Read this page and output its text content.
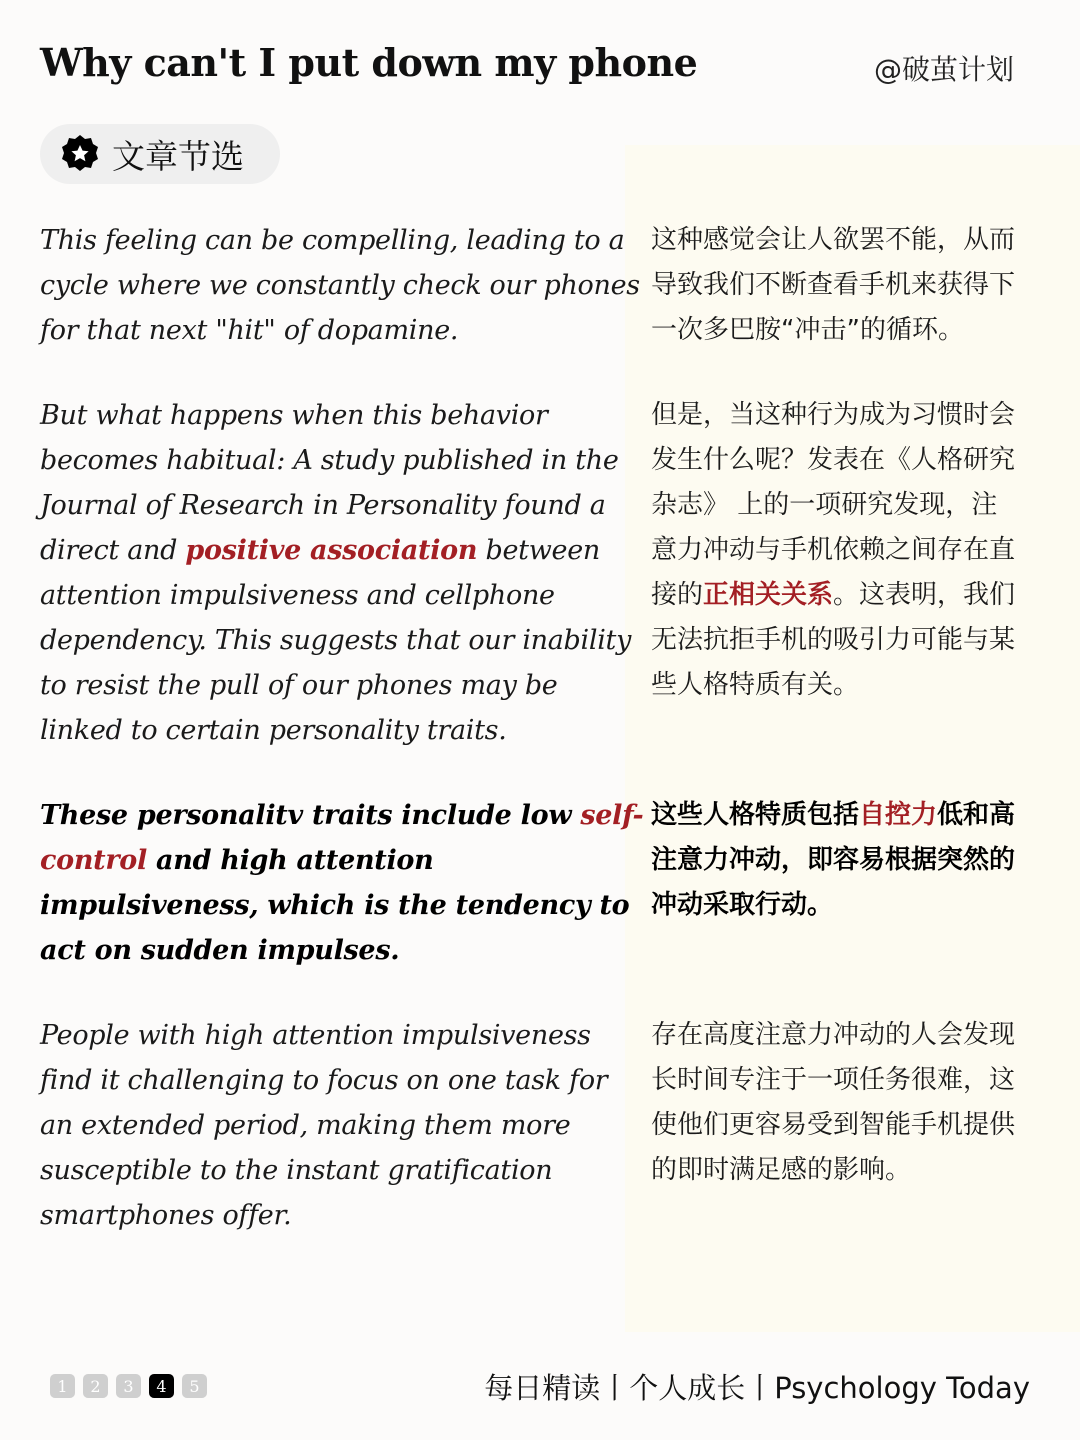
Why can't I put down my phone	@破茧计划
文章节选
This feeling can be compelling, leading to a
cycle where we constantly check our phones
for that next "hit" of dopamine.
But what happens when this behavior
becomes habitual: A study published in the
Journal of Research in Personality found a
direct and positive association between
attention impulsiveness and cellphone
dependency. This suggests that our inability
to resist the pull of our phones may be
linked to certain personality traits.
These personalitv traits include low self-
control and high attention
impulsiveness, which is the tendency to
act on sudden impulses.
People with high attention impulsiveness
find it challenging to focus on one task for
an extended period, making them more
susceptible to the instant gratification
smartphones offer.
这种感觉会让人欲罢不能，从而
导致我们不断查看手机来获得下
一次多巴胺“冲击”的循环。
但是，当这种行为成为习惯时会
发生什么呢？发表在《人格研究
杂志》 上的一项研究发现，注
意力冲动与手机依赖之间存在直
接的正相关关系。这表明，我们
无法抗拒手机的吸引力可能与某
些人格特质有关。
这些人格特质包括自控力低和高
注意力冲动，即容易根据突然的
冲动采取行动。
存在高度注意力冲动的人会发现
长时间专注于一项任务很难，这
使他们更容易受到智能手机提供
的即时满足感的影响。
1	2	3	4	5	每日精读丨个人成长丨Psychology Today
